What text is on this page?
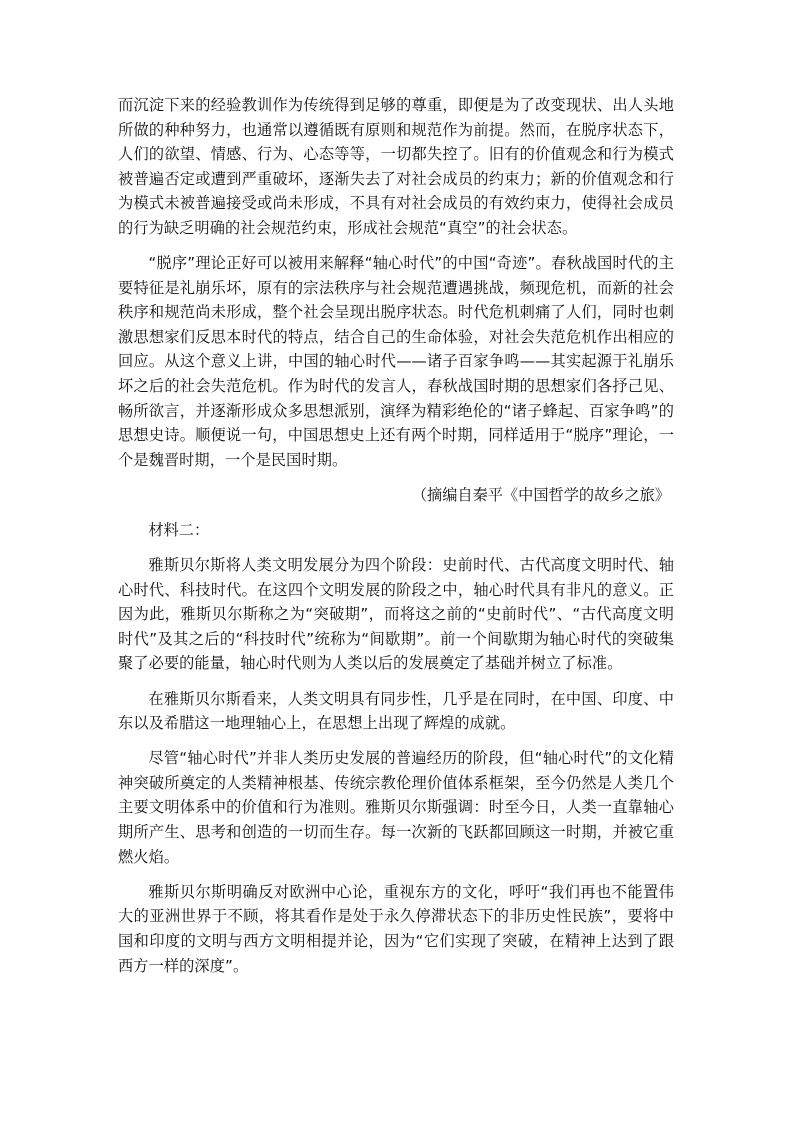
而沉淀下来的经验教训作为传统得到足够的尊重，即便是为了改变现状、出人头地所做的种种努力，也通常以遵循既有原则和规范作为前提。然而，在脱序状态下，人们的欲望、情感、行为、心态等等，一切都失控了。旧有的价值观念和行为模式被普遍否定或遭到严重破坏，逐渐失去了对社会成员的约束力；新的价值观念和行为模式未被普遍接受或尚未形成，不具有对社会成员的有效约束力，使得社会成员的行为缺乏明确的社会规范约束，形成社会规范“真空”的社会状态。

“脱序”理论正好可以被用来解释“轴心时代”的中国“奇迹”。春秋战国时代的主要特征是礼崩乐坏，原有的宗法秩序与社会规范遭遇挑战，频现危机，而新的社会秩序和规范尚未形成，整个社会呈现出脱序状态。时代危机刺痛了人们，同时也刺激思想家们反思本时代的特点，结合自己的生命体验，对社会失范危机作出相应的回应。从这个意义上讲，中国的轴心时代——诸子百家争鸣——其实起源于礼崩乐坏之后的社会失范危机。作为时代的发言人，春秋战国时期的思想家们各抒己见、畅所欲言，并逐渐形成众多思想派别，演绎为精彩绝伦的“诸子蜂起、百家争鸣”的思想史诗。顺便说一句，中国思想史上还有两个时期，同样适用于“脱序”理论，一个是魏晋时期，一个是民国时期。

（摘编自秦平《中国哲学的故乡之旅》

材料二：

雅斯贝尔斯将人类文明发展分为四个阶段：史前时代、古代高度文明时代、轴心时代、科技时代。在这四个文明发展的阶段之中，轴心时代具有非凡的意义。正因为此，雅斯贝尔斯称之为“突破期”，而将这之前的“史前时代”、“古代高度文明时代”及其之后的“科技时代”统称为“间歇期”。前一个间歇期为轴心时代的突破集聚了必要的能量，轴心时代则为人类以后的发展奠定了基础并树立了标准。

在雅斯贝尔斯看来，人类文明具有同步性，几乎是在同时，在中国、印度、中东以及希腊这一地理轴心上，在思想上出现了辉煌的成就。

尽管“轴心时代”并非人类历史发展的普遍经历的阶段，但“轴心时代”的文化精神突破所奠定的人类精神根基、传统宗教伦理价值体系框架，至今仍然是人类几个主要文明体系中的价值和行为准则。雅斯贝尔斯强调：时至今日，人类一直靠轴心期所产生、思考和创造的一切而生存。每一次新的飞跃都回顾这一时期，并被它重燃火焰。

雅斯贝尔斯明确反对欧洲中心论，重视东方的文化，呼吁“我们再也不能置伟大的亚洲世界于不顾，将其看作是处于永久停滞状态下的非历史性民族”，要将中国和印度的文明与西方文明相提并论，因为“它们实现了突破，在精神上达到了跟西方一样的深度”。
